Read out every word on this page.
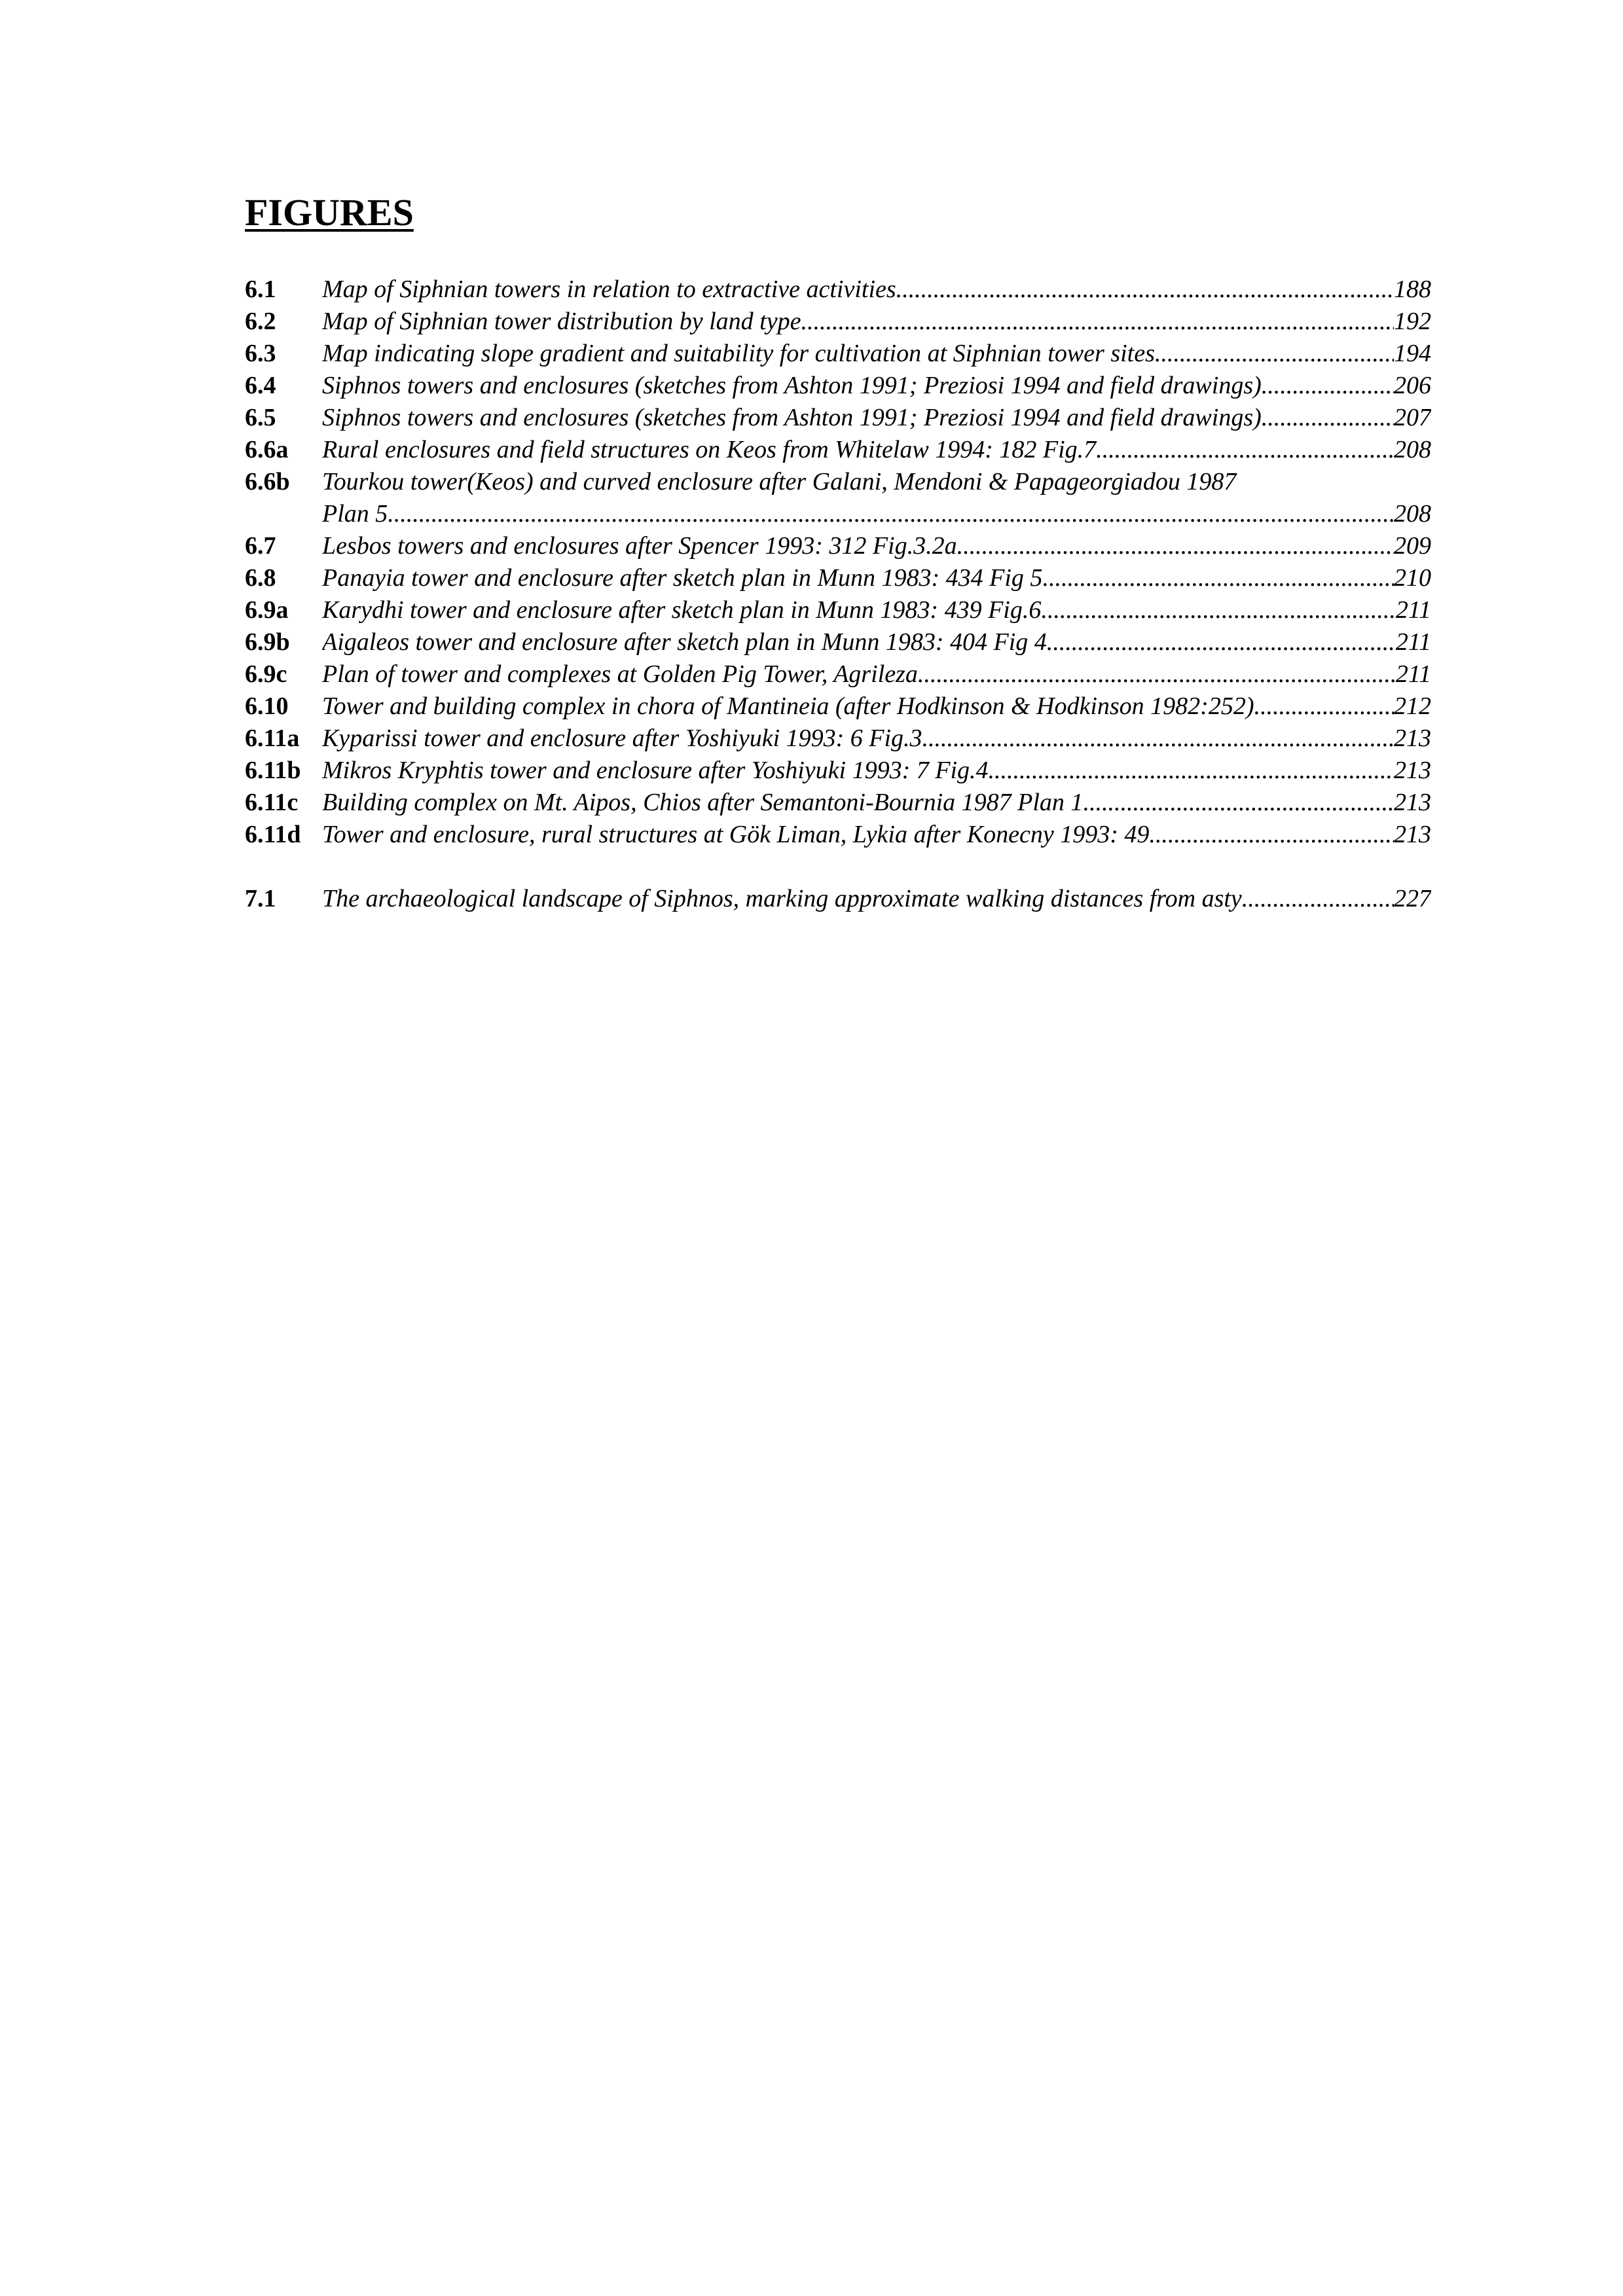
FIGURES
6.1	Map of Siphnian towers in relation to extractive activities .....	188
6.2	Map of Siphnian tower distribution by land type .....	192
6.3	Map indicating slope gradient and suitability for cultivation at Siphnian tower sites .....	194
6.4	Siphnos towers and enclosures (sketches from Ashton 1991; Preziosi 1994 and field drawings) .....	206
6.5	Siphnos towers and enclosures (sketches from Ashton 1991; Preziosi 1994 and field drawings) .....	207
6.6a	Rural enclosures and field structures on Keos from Whitelaw 1994: 182 Fig.7 .....	208
6.6b	Tourkou tower(Keos) and curved enclosure after Galani, Mendoni & Papageorgiadou 1987
Plan 5 .....	208
6.7	Lesbos towers and enclosures after Spencer 1993: 312 Fig.3.2a .....	209
6.8	Panayia tower and enclosure after sketch plan in Munn 1983: 434 Fig 5 .....	210
6.9a	Karydhi tower and enclosure after sketch plan in Munn 1983: 439 Fig.6 .....	211
6.9b	Aigaleos tower and enclosure after sketch plan in Munn 1983: 404 Fig 4 .....	211
6.9c	Plan of tower and complexes at Golden Pig Tower, Agrileza .....	211
6.10	Tower and building complex in chora of Mantineia (after Hodkinson & Hodkinson 1982:252) .....	212
6.11a Kyparissi tower and enclosure after Yoshiyuki 1993: 6 Fig.3 .....	213
6.11b Mikros Kryphtis tower and enclosure after Yoshiyuki 1993: 7 Fig.4 .....	213
6.11c Building complex on Mt. Aipos, Chios after Semantoni-Bournia 1987 Plan 1 .....	213
6.11d Tower and enclosure, rural structures at Gök Liman, Lykia after Konecny 1993: 49 .....	213
7.1	The archaeological landscape of Siphnos, marking approximate walking distances from asty .....	227
